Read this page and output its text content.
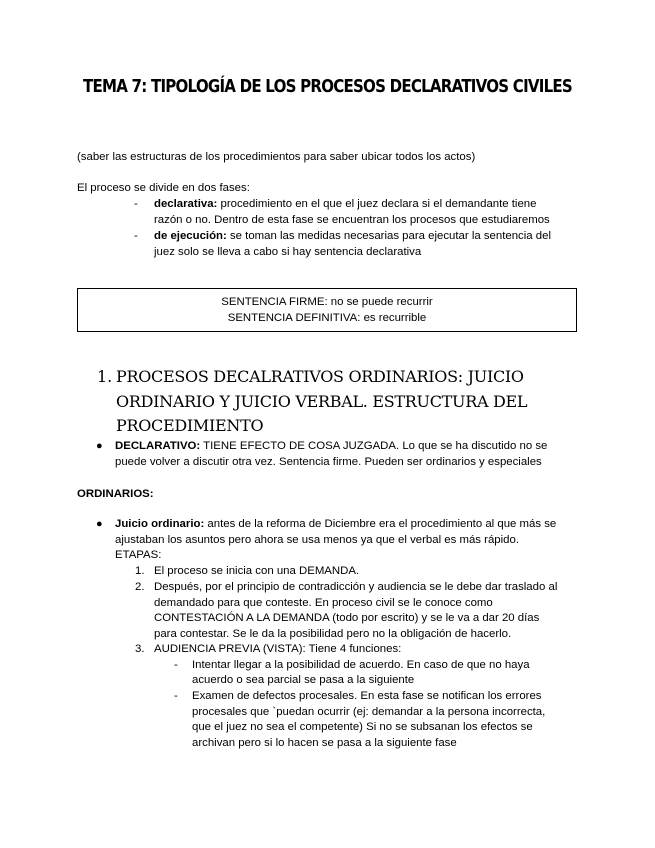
TEMA 7: TIPOLOGÍA DE LOS PROCESOS DECLARATIVOS CIVILES
(saber las estructuras de los procedimientos para saber ubicar todos los actos)
El proceso se divide en dos fases:
- declarativa: procedimiento en el que el juez declara si el demandante tiene
razón o no. Dentro de esta fase se encuentran los procesos que estudiaremos
- de ejecución: se toman las medidas necesarias para ejecutar la sentencia del
juez solo se lleva a cabo si hay sentencia declarativa
SENTENCIA FIRME: no se puede recurrir
SENTENCIA DEFINITIVA: es recurrible
1. PROCESOS DECALRATIVOS ORDINARIOS: JUICIO
ORDINARIO Y JUICIO VERBAL. ESTRUCTURA DEL
PROCEDIMIENTO
● DECLARATIVO: TIENE EFECTO DE COSA JUZGADA. Lo que se ha discutido no se
puede volver a discutir otra vez. Sentencia firme. Pueden ser ordinarios y especiales
ORDINARIOS:
● Juicio ordinario: antes de la reforma de Diciembre era el procedimiento al que más se
ajustaban los asuntos pero ahora se usa menos ya que el verbal es más rápido.
ETAPAS:
1. El proceso se inicia con una DEMANDA.
2. Después, por el principio de contradicción y audiencia se le debe dar traslado al
demandado para que conteste. En proceso civil se le conoce como
CONTESTACIÓN A LA DEMANDA (todo por escrito) y se le va a dar 20 días
para contestar. Se le da la posibilidad pero no la obligación de hacerlo.
3. AUDIENCIA PREVIA (VISTA): Tiene 4 funciones:
- Intentar llegar a la posibilidad de acuerdo. En caso de que no haya
acuerdo o sea parcial se pasa a la siguiente
- Examen de defectos procesales. En esta fase se notifican los errores
procesales que `puedan ocurrir (ej: demandar a la persona incorrecta,
que el juez no sea el competente) Si no se subsanan los efectos se
archivan pero si lo hacen se pasa a la siguiente fase
